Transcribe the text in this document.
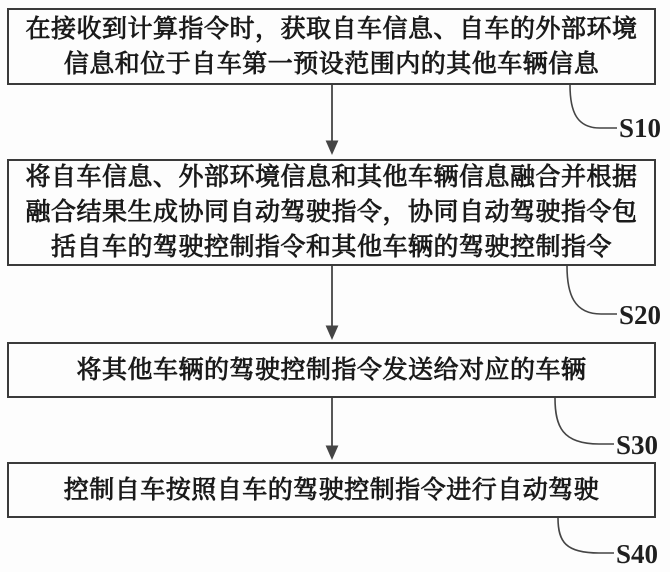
在接收到计算指令时，获取自车信息、自车的外部环境
信息和位于自车第一预设范围内的其他车辆信息
将自车信息、外部环境信息和其他车辆信息融合并根据
融合结果生成协同自动驾驶指令，协同自动驾驶指令包
括自车的驾驶控制指令和其他车辆的驾驶控制指令
将其他车辆的驾驶控制指令发送给对应的车辆
控制自车按照自车的驾驶控制指令进行自动驾驶
S10
S20
S30
S40
